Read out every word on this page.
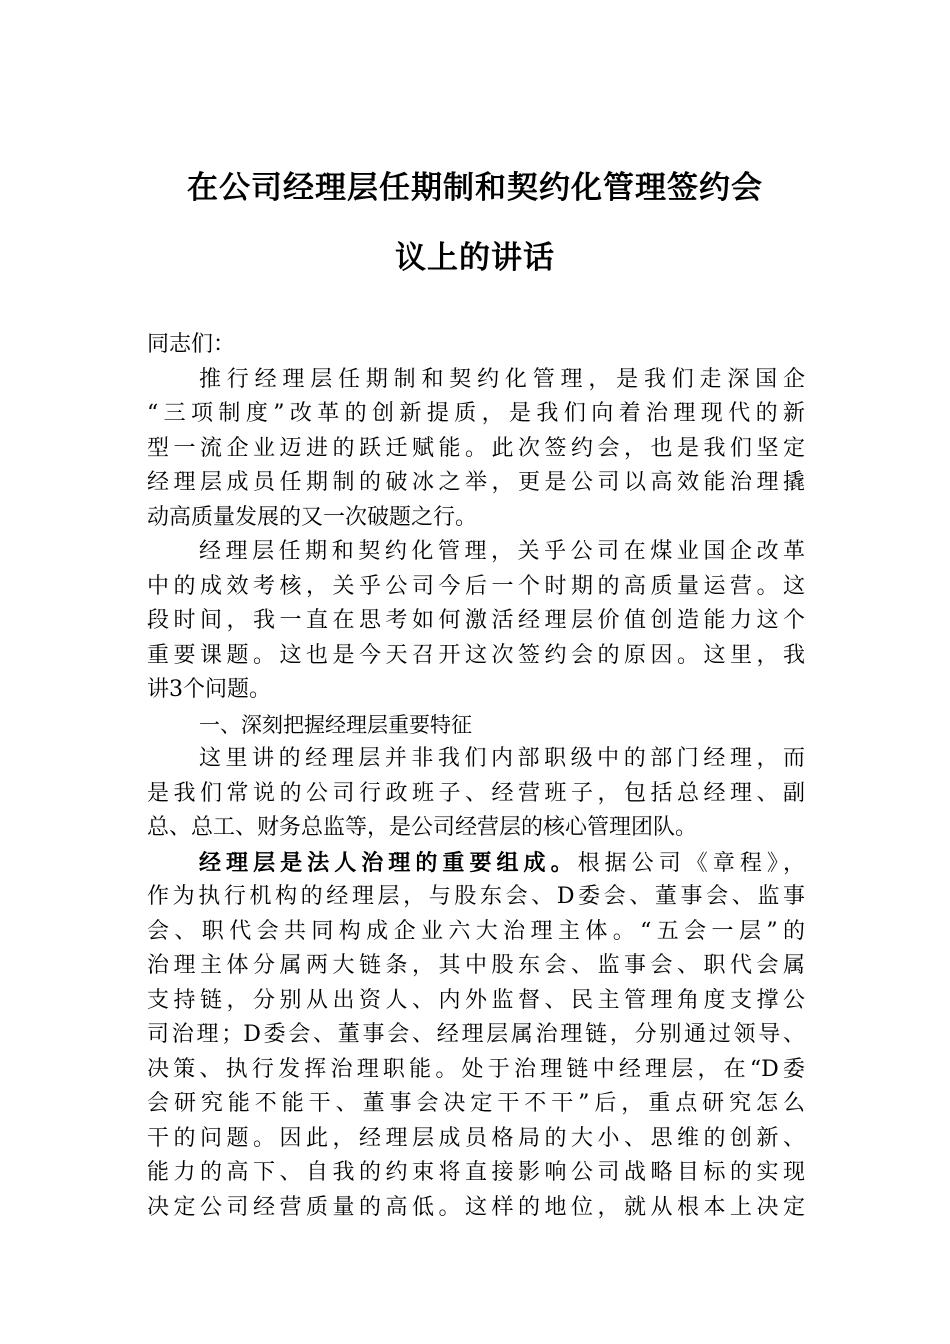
在公司经理层任期制和契约化管理签约会
议上的讲话
同志们：
推行经理层任期制和契约化管理，是我们走深国企
“三项制度”改革的创新提质，是我们向着治理现代的新
型一流企业迈进的跃迁赋能。此次签约会，也是我们坚定
经理层成员任期制的破冰之举，更是公司以高效能治理撬
动高质量发展的又一次破题之行。
经理层任期和契约化管理，关乎公司在煤业国企改革
中的成效考核，关乎公司今后一个时期的高质量运营。这
段时间，我一直在思考如何激活经理层价值创造能力这个
重要课题。这也是今天召开这次签约会的原因。这里，我
讲3个问题。
一、深刻把握经理层重要特征
这里讲的经理层并非我们内部职级中的部门经理，而
是我们常说的公司行政班子、经营班子，包括总经理、副
总、总工、财务总监等，是公司经营层的核心管理团队。
经理层是法人治理的重要组成。根据公司《章程》，
作为执行机构的经理层，与股东会、D委会、董事会、监事
会、职代会共同构成企业六大治理主体。“五会一层”的
治理主体分属两大链条，其中股东会、监事会、职代会属
支持链，分别从出资人、内外监督、民主管理角度支撑公
司治理；D委会、董事会、经理层属治理链，分别通过领导、
决策、执行发挥治理职能。处于治理链中经理层，在“D委
会研究能不能干、董事会决定干不干”后，重点研究怎么
干的问题。因此，经理层成员格局的大小、思维的创新、
能力的高下、自我的约束将直接影响公司战略目标的实现
决定公司经营质量的高低。这样的地位，就从根本上决定
